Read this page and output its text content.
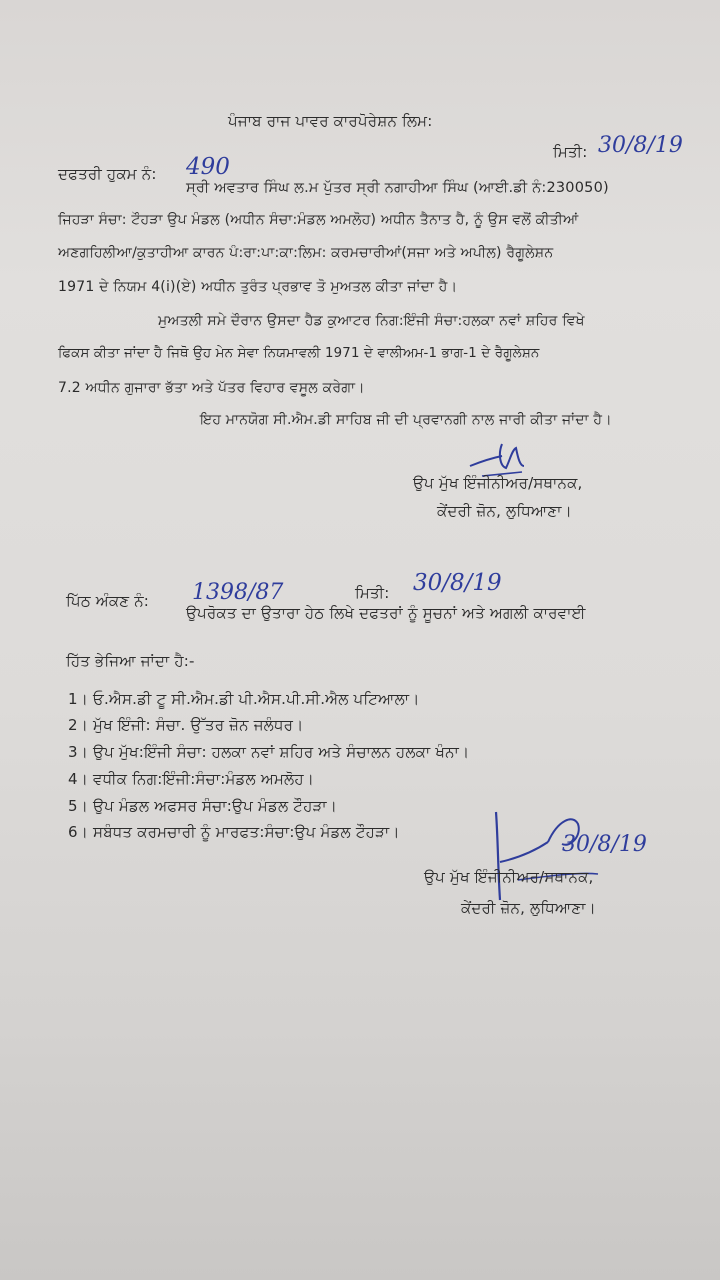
ਪੰਜਾਬ ਰਾਜ ਪਾਵਰ ਕਾਰਪੋਰੇਸ਼ਨ ਲਿਮ:
ਮਿਤੀ: 30/8/19
ਦਫਤਰੀ ਹੁਕਮ ਨੰ: 490
ਸ੍ਰੀ ਅਵਤਾਰ ਸਿੰਘ ਲ.ਮ ਪੁੱਤਰ ਸ੍ਰੀ ਨਗਾਹੀਆ ਸਿੰਘ (ਆਈ.ਡੀ ਨੰ:230050)
ਜਿਹੜਾ ਸੰਚਾ: ਟੌਹੜਾ ਉਪ ਮੰਡਲ (ਅਧੀਨ ਸੰਚਾ:ਮੰਡਲ ਅਮਲੋਹ) ਅਧੀਨ ਤੈਨਾਤ ਹੈ, ਨੂੰ ਉਸ ਵਲੋਂ ਕੀਤੀਆਂ
ਅਣਗਹਿਲੀਆ/ਕੁਤਾਹੀਆ ਕਾਰਨ ਪੰ:ਰਾ:ਪਾ:ਕਾ:ਲਿਮ: ਕਰਮਚਾਰੀਆਂ(ਸਜਾ ਅਤੇ ਅਪੀਲ) ਰੈਗੂਲੇਸ਼ਨ
1971 ਦੇ ਨਿਯਮ 4(i)(ਏ) ਅਧੀਨ ਤੁਰੰਤ ਪ੍ਰਭਾਵ ਤੋ ਮੁਅਤਲ ਕੀਤਾ ਜਾਂਦਾ ਹੈ।
ਮੁਅਤਲੀ ਸਮੇ ਦੌਰਾਨ ਉਸਦਾ ਹੈਡ ਕੁਆਟਰ ਨਿਗ:ਇੰਜੀ ਸੰਚਾ:ਹਲਕਾ ਨਵਾਂ ਸ਼ਹਿਰ ਵਿਖੇ
ਫਿਕਸ ਕੀਤਾ ਜਾਂਦਾ ਹੈ ਜਿਥੋ ਉਹ ਮੇਨ ਸੇਵਾ ਨਿਯਮਾਵਲੀ 1971 ਦੇ ਵਾਲੀਅਮ-1 ਭਾਗ-1 ਦੇ ਰੈਗੂਲੇਸ਼ਨ
7.2 ਅਧੀਨ ਗੁਜਾਰਾ ਭੱਤਾ ਅਤੇ ਪੱਤਰ ਵਿਹਾਰ ਵਸੂਲ ਕਰੇਗਾ।
ਇਹ ਮਾਨਯੋਗ ਸੀ.ਐਮ.ਡੀ ਸਾਹਿਬ ਜੀ ਦੀ ਪ੍ਰਵਾਨਗੀ ਨਾਲ ਜਾਰੀ ਕੀਤਾ ਜਾਂਦਾ ਹੈ।
ਉਪ ਮੁੱਖ ਇੰਜੀਨੀਅਰ/ਸਥਾਨਕ,
ਕੇਂਦਰੀ ਜ਼ੋਨ, ਲੁਧਿਆਣਾ।
ਪਿੱਠ ਅੰਕਣ ਨੰ: 1398/87	ਮਿਤੀ: 30/8/19
ਉਪਰੋਕਤ ਦਾ ਉਤਾਰਾ ਹੇਠ ਲਿਖੇ ਦਫਤਰਾਂ ਨੂੰ ਸੂਚਨਾਂ ਅਤੇ ਅਗਲੀ ਕਾਰਵਾਈ
ਹਿੱਤ ਭੇਜਿਆ ਜਾਂਦਾ ਹੈ:-
1। ਓ.ਐਸ.ਡੀ ਟੂ ਸੀ.ਐਮ.ਡੀ ਪੀ.ਐਸ.ਪੀ.ਸੀ.ਐਲ ਪਟਿਆਲਾ।
2। ਮੁੱਖ ਇੰਜੀ: ਸੰਚਾ. ਉੱਤਰ ਜ਼ੋਨ ਜਲੰਧਰ।
3। ਉਪ ਮੁੱਖ:ਇੰਜੀ ਸੰਚਾ: ਹਲਕਾ ਨਵਾਂ ਸ਼ਹਿਰ ਅਤੇ ਸੰਚਾਲਨ ਹਲਕਾ ਖੰਨਾ।
4। ਵਧੀਕ ਨਿਗ:ਇੰਜੀ:ਸੰਚਾ:ਮੰਡਲ ਅਮਲੋਹ।
5। ਉਪ ਮੰਡਲ ਅਫਸਰ ਸੰਚਾ:ਉਪ ਮੰਡਲ ਟੌਹੜਾ।
6। ਸਬੰਧਤ ਕਰਮਚਾਰੀ ਨੂੰ ਮਾਰਫਤ:ਸੰਚਾ:ਉਪ ਮੰਡਲ ਟੌਹੜਾ।	30/8/19
ਉਪ ਮੁੱਖ ਇੰਜੀਨੀਅਰ/ਸਥਾਨਕ,
ਕੇਂਦਰੀ ਜ਼ੋਨ, ਲੁਧਿਆਣਾ।
